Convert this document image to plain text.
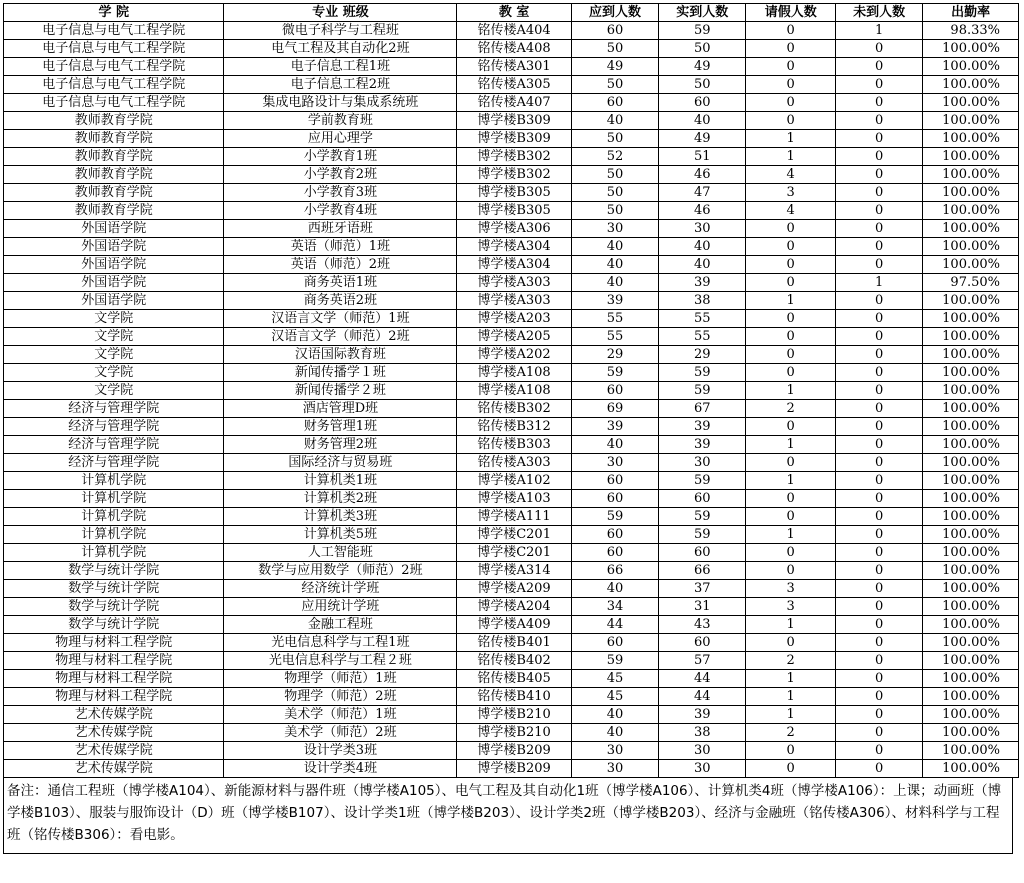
学 院	专业 班级	教 室	应到人数	实到人数	请假人数	未到人数	出勤率
电子信息与电气工程学院	微电子科学与工程班	铭传楼A404	60	59	0	1	98.33%
电子信息与电气工程学院	电气工程及其自动化2班	铭传楼A408	50	50	0	0	100.00%
电子信息与电气工程学院	电子信息工程1班	铭传楼A301	49	49	0	0	100.00%
电子信息与电气工程学院	电子信息工程2班	铭传楼A305	50	50	0	0	100.00%
电子信息与电气工程学院	集成电路设计与集成系统班	铭传楼A407	60	60	0	0	100.00%
教师教育学院	学前教育班	博学楼B309	40	40	0	0	100.00%
教师教育学院	应用心理学	博学楼B309	50	49	1	0	100.00%
教师教育学院	小学教育1班	博学楼B302	52	51	1	0	100.00%
教师教育学院	小学教育2班	博学楼B302	50	46	4	0	100.00%
教师教育学院	小学教育3班	博学楼B305	50	47	3	0	100.00%
教师教育学院	小学教育4班	博学楼B305	50	46	4	0	100.00%
外国语学院	西班牙语班	博学楼A306	30	30	0	0	100.00%
外国语学院	英语（师范）1班	博学楼A304	40	40	0	0	100.00%
外国语学院	英语（师范）2班	博学楼A304	40	40	0	0	100.00%
外国语学院	商务英语1班	博学楼A303	40	39	0	1	97.50%
外国语学院	商务英语2班	博学楼A303	39	38	1	0	100.00%
文学院	汉语言文学（师范）1班	博学楼A203	55	55	0	0	100.00%
文学院	汉语言文学（师范）2班	博学楼A205	55	55	0	0	100.00%
文学院	汉语国际教育班	博学楼A202	29	29	0	0	100.00%
文学院	新闻传播学１班	博学楼A108	59	59	0	0	100.00%
文学院	新闻传播学２班	博学楼A108	60	59	1	0	100.00%
经济与管理学院	酒店管理D班	铭传楼B302	69	67	2	0	100.00%
经济与管理学院	财务管理1班	铭传楼B312	39	39	0	0	100.00%
经济与管理学院	财务管理2班	铭传楼B303	40	39	1	0	100.00%
经济与管理学院	国际经济与贸易班	铭传楼A303	30	30	0	0	100.00%
计算机学院	计算机类1班	博学楼A102	60	59	1	0	100.00%
计算机学院	计算机类2班	博学楼A103	60	60	0	0	100.00%
计算机学院	计算机类3班	博学楼A111	59	59	0	0	100.00%
计算机学院	计算机类5班	博学楼C201	60	59	1	0	100.00%
计算机学院	人工智能班	博学楼C201	60	60	0	0	100.00%
数学与统计学院	数学与应用数学（师范）2班	博学楼A314	66	66	0	0	100.00%
数学与统计学院	经济统计学班	博学楼A209	40	37	3	0	100.00%
数学与统计学院	应用统计学班	博学楼A204	34	31	3	0	100.00%
数学与统计学院	金融工程班	博学楼A409	44	43	1	0	100.00%
物理与材料工程学院	光电信息科学与工程1班	铭传楼B401	60	60	0	0	100.00%
物理与材料工程学院	光电信息科学与工程２班	铭传楼B402	59	57	2	0	100.00%
物理与材料工程学院	物理学（师范）1班	铭传楼B405	45	44	1	0	100.00%
物理与材料工程学院	物理学（师范）2班	铭传楼B410	45	44	1	0	100.00%
艺术传媒学院	美术学（师范）1班	博学楼B210	40	39	1	0	100.00%
艺术传媒学院	美术学（师范）2班	博学楼B210	40	38	2	0	100.00%
艺术传媒学院	设计学类3班	博学楼B209	30	30	0	0	100.00%
艺术传媒学院	设计学类4班	博学楼B209	30	30	0	0	100.00%
备注：通信工程班（博学楼A104）、新能源材料与器件班（博学楼A105）、电气工程及其自动化1班（博学楼A106）、计算机类4班（博学楼A106）：上课；动画班（博学楼B103）、服装与服饰设计（D）班（博学楼B107）、设计学类1班（博学楼B203）、设计学类2班（博学楼B203）、经济与金融班（铭传楼A306）、材料科学与工程班（铭传楼B306）：看电影。
